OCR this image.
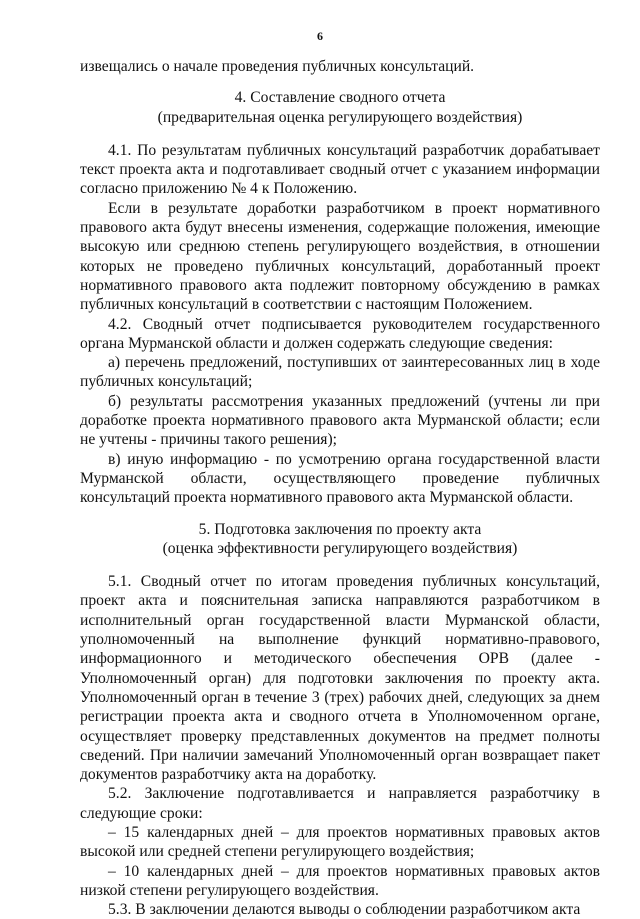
6

извещались о начале проведения публичных консультаций.

4. Составление сводного отчета

(предварительная оценка регулирующего воздействия)

4.1. По результатам публичных консультаций разработчик дорабатывает текст проекта акта и подготавливает сводный отчет с указанием информации согласно приложению № 4 к Положению.

Если в результате доработки разработчиком в проект нормативного правового акта будут внесены изменения, содержащие положения, имеющие высокую или среднюю степень регулирующего воздействия, в отношении которых не проведено публичных консультаций, доработанный проект нормативного правового акта подлежит повторному обсуждению в рамках публичных консультаций в соответствии с настоящим Положением.

4.2. Сводный отчет подписывается руководителем государственного органа Мурманской области и должен содержать следующие сведения:

а) перечень предложений, поступивших от заинтересованных лиц в ходе публичных консультаций;

б) результаты рассмотрения указанных предложений (учтены ли при доработке проекта нормативного правового акта Мурманской области; если не учтены - причины такого решения);

в) иную информацию - по усмотрению органа государственной власти Мурманской области, осуществляющего проведение публичных консультаций проекта нормативного правового акта Мурманской области.

5. Подготовка заключения по проекту акта

(оценка эффективности регулирующего воздействия)

5.1. Сводный отчет по итогам проведения публичных консультаций, проект акта и пояснительная записка направляются разработчиком в исполнительный орган государственной власти Мурманской области, уполномоченный на выполнение функций нормативно-правового, информационного и методического обеспечения ОРВ (далее - Уполномоченный орган) для подготовки заключения по проекту акта. Уполномоченный орган в течение 3 (трех) рабочих дней, следующих за днем регистрации проекта акта и сводного отчета в Уполномоченном органе, осуществляет проверку представленных документов на предмет полноты сведений. При наличии замечаний Уполномоченный орган возвращает пакет документов разработчику акта на доработку.

5.2. Заключение подготавливается и направляется разработчику в следующие сроки:

– 15 календарных дней – для проектов нормативных правовых актов высокой или средней степени регулирующего воздействия;

– 10 календарных дней – для проектов нормативных правовых актов низкой степени регулирующего воздействия.

5.3. В заключении делаются выводы о соблюдении разработчиком акта
